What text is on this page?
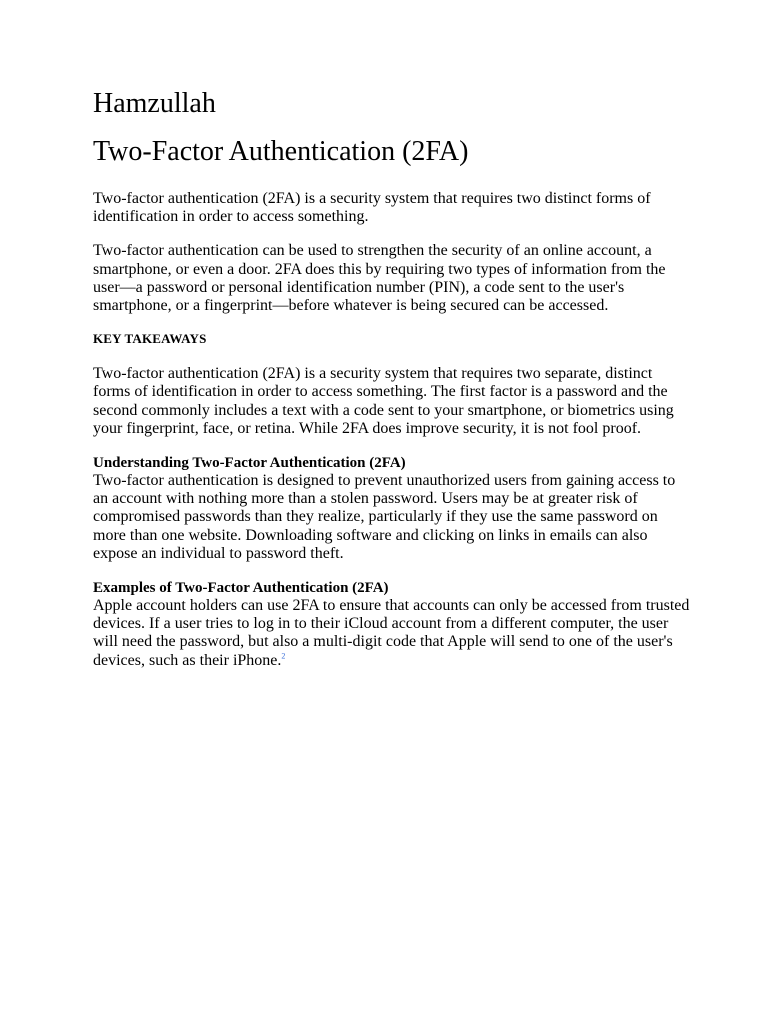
Hamzullah
Two-Factor Authentication (2FA)

Two-factor authentication (2FA) is a security system that requires two distinct forms of identification in order to access something.

Two-factor authentication can be used to strengthen the security of an online account, a smartphone, or even a door. 2FA does this by requiring two types of information from the user—a password or personal identification number (PIN), a code sent to the user's smartphone, or a fingerprint—before whatever is being secured can be accessed.

KEY TAKEAWAYS

Two-factor authentication (2FA) is a security system that requires two separate, distinct forms of identification in order to access something. The first factor is a password and the second commonly includes a text with a code sent to your smartphone, or biometrics using your fingerprint, face, or retina. While 2FA does improve security, it is not fool proof.

Understanding Two-Factor Authentication (2FA)

Two-factor authentication is designed to prevent unauthorized users from gaining access to an account with nothing more than a stolen password. Users may be at greater risk of compromised passwords than they realize, particularly if they use the same password on more than one website. Downloading software and clicking on links in emails can also expose an individual to password theft.

Examples of Two-Factor Authentication (2FA)

Apple account holders can use 2FA to ensure that accounts can only be accessed from trusted devices. If a user tries to log in to their iCloud account from a different computer, the user will need the password, but also a multi-digit code that Apple will send to one of the user's devices, such as their iPhone.$^2$
